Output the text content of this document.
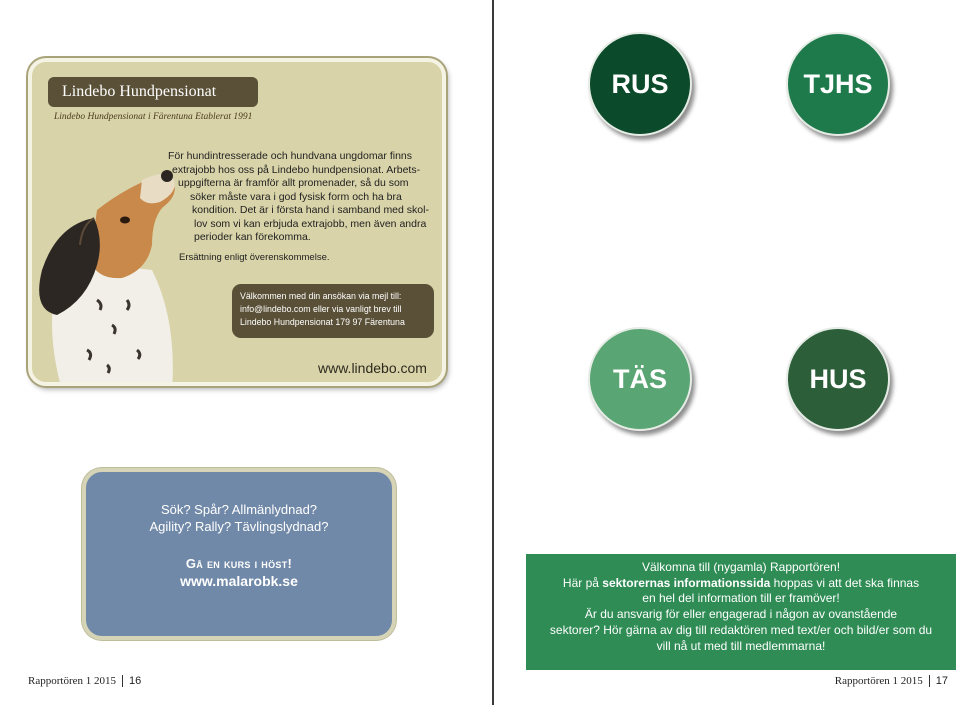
Lindebo Hundpensionat
Lindebo Hundpensionat i Färentuna Etablerat 1991

För hundintresserade och hundvana ungdomar finns

extrajobb hos oss på Lindebo hundpensionat. Arbets-

uppgifterna är framför allt promenader, så du som

söker måste vara i god fysisk form och ha bra

kondition. Det är i första hand i samband med skol-

lov som vi kan erbjuda extrajobb, men även andra

perioder kan förekomma.

Ersättning enligt överenskommelse.
Välkommen med din ansökan via mejl till:
info@lindebo.com eller via vanligt brev till
Lindebo Hundpensionat 179 97 Färentuna
www.lindebo.com
RUS	TJHS
TÄS	HUS
Sök? Spår? Allmänlydnad?
Agility? Rally? Tävlingslydnad?
Gå en kurs i höst!
www.malarobk.se

Välkomna till (nygamla) Rapportören!

Här på sektorernas informationssida hoppas vi att det ska finnas

en hel del information till er framöver!

Är du ansvarig för eller engagerad i någon av ovanstående

sektorer? Hör gärna av dig till redaktören med text/er och bild/er som du

vill nå ut med till medlemmarna!

Rapportören 1 2015 16	Rapportören 1 2015 17
